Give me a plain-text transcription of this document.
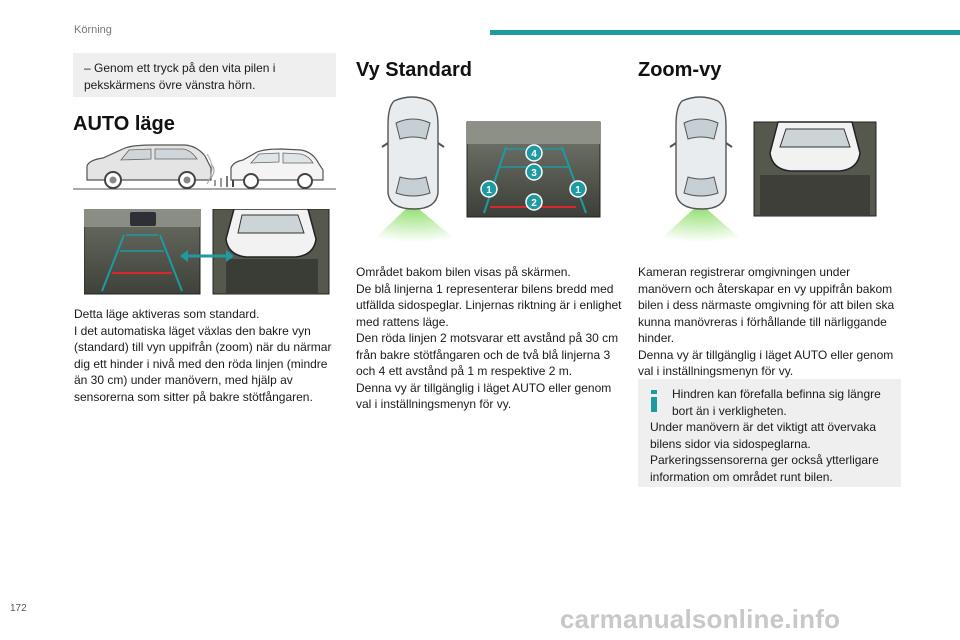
Körning
– Genom ett tryck på den vita pilen i pekskärmens övre vänstra hörn.
AUTO läge

Detta läge aktiveras som standard.

I det automatiska läget växlas den bakre vyn (standard) till vyn uppifrån (zoom) när du närmar dig ett hinder i nivå med den röda linjen (mindre än 30 cm) under manövern, med hjälp av sensorerna som sitter på bakre stötfångaren.

Vy Standard
1	1
2
3
4

Området bakom bilen visas på skärmen.

De blå linjerna 1 representerar bilens bredd med utfällda sidospeglar. Linjernas riktning är i enlighet med rattens läge.

Den röda linjen 2 motsvarar ett avstånd på 30 cm från bakre stötfångaren och de två blå linjerna 3 och 4 ett avstånd på 1 m respektive 2 m.

Denna vy är tillgänglig i läget AUTO eller genom val i inställningsmenyn för vy.

Zoom-vy

Kameran registrerar omgivningen under manövern och återskapar en vy uppifrån bakom bilen i dess närmaste omgivning för att bilen ska kunna manövreras i förhållande till närliggande hinder.

Denna vy är tillgänglig i läget AUTO eller genom val i inställningsmenyn för vy.

Hindren kan förefalla befinna sig längre bort än i verkligheten.

Under manövern är det viktigt att övervaka bilens sidor via sidospeglarna.

Parkeringssensorerna ger också ytterligare information om området runt bilen.

172	carmanualsonline.info
